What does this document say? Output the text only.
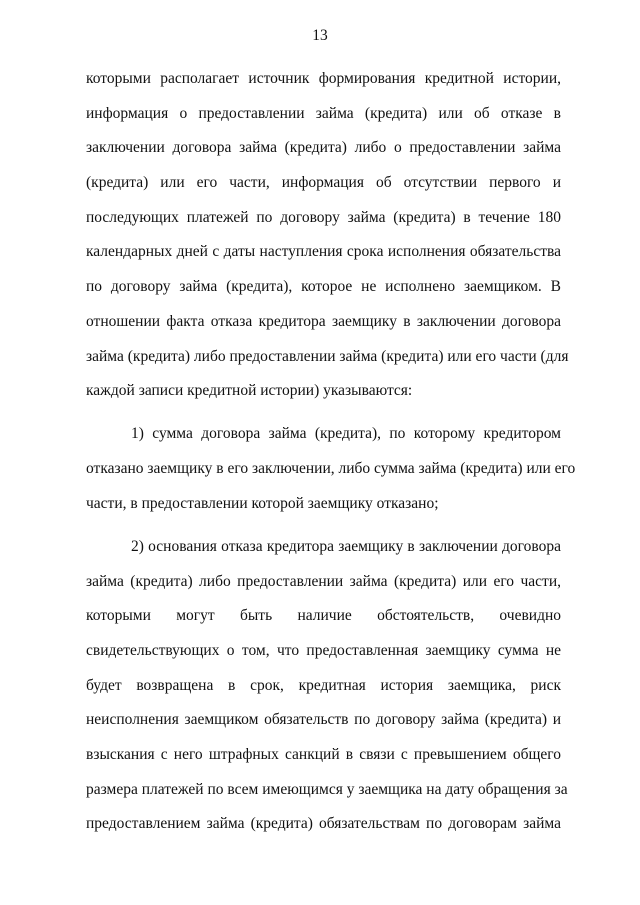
13
которыми располагает источник формирования кредитной истории,
информация о предоставлении займа (кредита) или об отказе в
заключении договора займа (кредита) либо о предоставлении займа
(кредита) или его части, информация об отсутствии первого и
последующих платежей по договору займа (кредита) в течение 180
календарных дней с даты наступления срока исполнения обязательства
по договору займа (кредита), которое не исполнено заемщиком. В
отношении факта отказа кредитора заемщику в заключении договора
займа (кредита) либо предоставлении займа (кредита) или его части (для
каждой записи кредитной истории) указываются:
1) сумма договора займа (кредита), по которому кредитором
отказано заемщику в его заключении, либо сумма займа (кредита) или его
части, в предоставлении которой заемщику отказано;
2) основания отказа кредитора заемщику в заключении договора
займа (кредита) либо предоставлении займа (кредита) или его части,
которыми могут быть наличие обстоятельств, очевидно
свидетельствующих о том, что предоставленная заемщику сумма не
будет возвращена в срок, кредитная история заемщика, риск
неисполнения заемщиком обязательств по договору займа (кредита) и
взыскания с него штрафных санкций в связи с превышением общего
размера платежей по всем имеющимся у заемщика на дату обращения за
предоставлением займа (кредита) обязательствам по договорам займа
